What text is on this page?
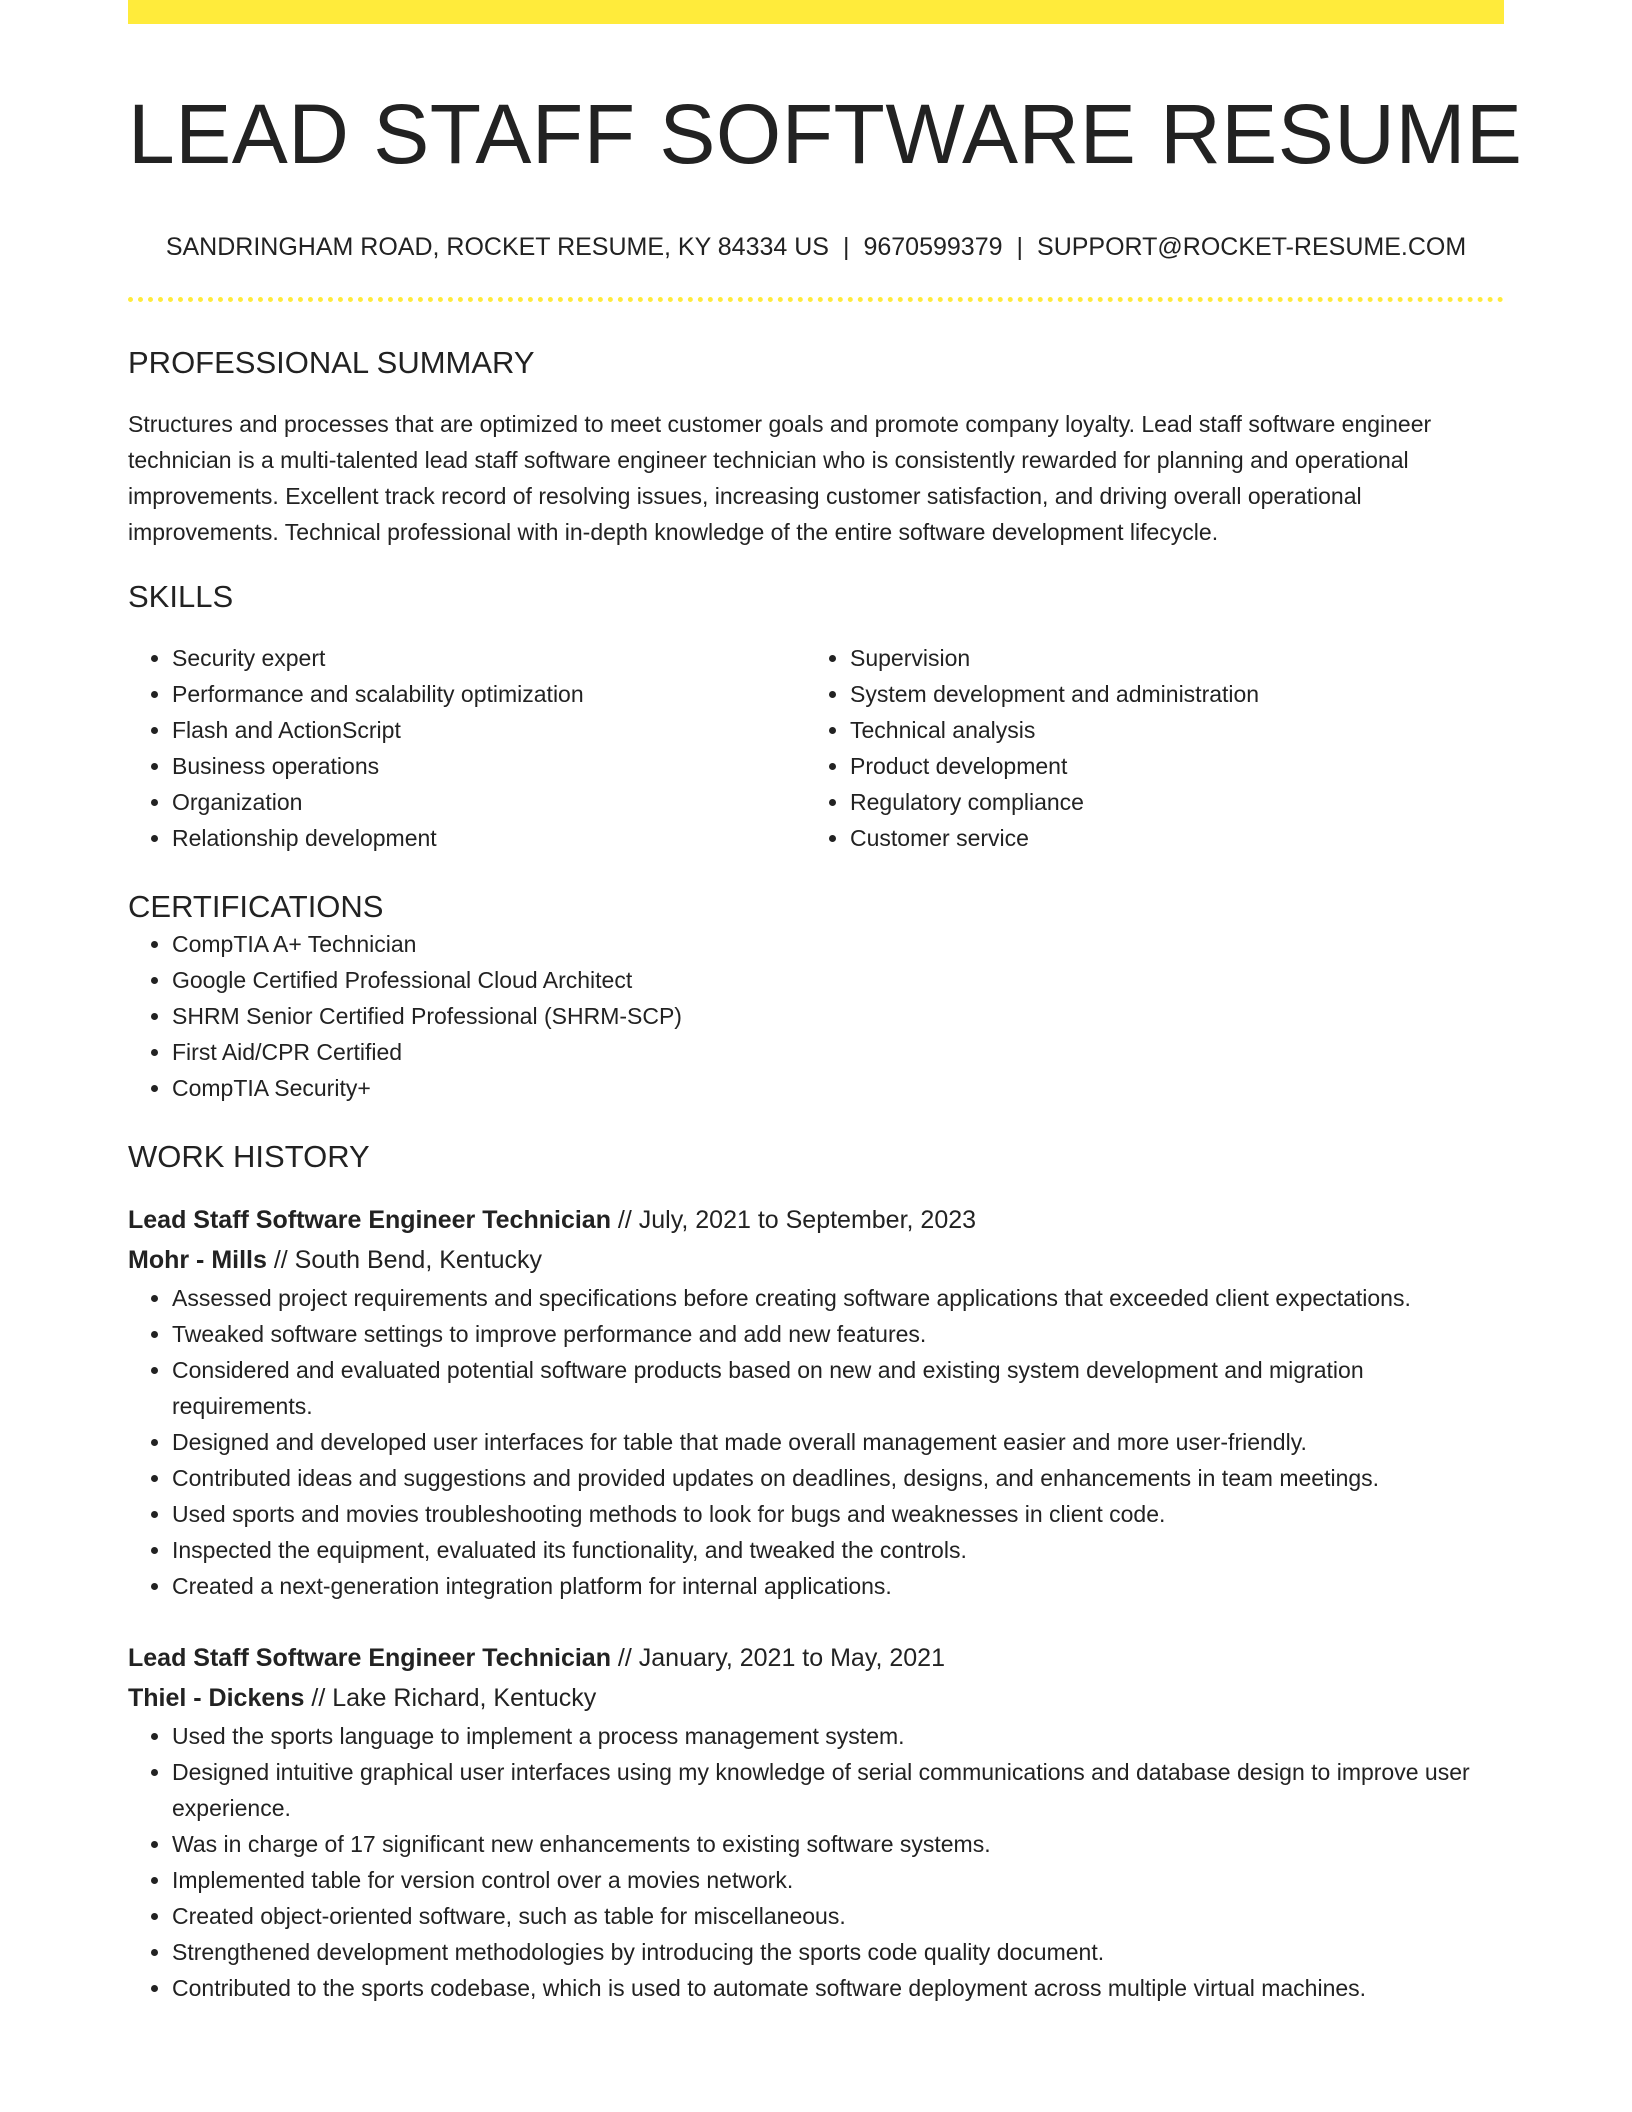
LEAD STAFF SOFTWARE RESUME
SANDRINGHAM ROAD, ROCKET RESUME, KY 84334 US | 9670599379 | SUPPORT@ROCKET-RESUME.COM
PROFESSIONAL SUMMARY

Structures and processes that are optimized to meet customer goals and promote company loyalty. Lead staff software engineer technician is a multi-talented lead staff software engineer technician who is consistently rewarded for planning and operational improvements. Excellent track record of resolving issues, increasing customer satisfaction, and driving overall operational improvements. Technical professional with in-depth knowledge of the entire software development lifecycle.

SKILLS
• Security expert
• Performance and scalability optimization
• Flash and ActionScript
• Business operations
• Organization
• Relationship development
• Supervision
• System development and administration
• Technical analysis
• Product development
• Regulatory compliance
• Customer service
CERTIFICATIONS
• CompTIA A+ Technician
• Google Certified Professional Cloud Architect
• SHRM Senior Certified Professional (SHRM-SCP)
• First Aid/CPR Certified
• CompTIA Security+
WORK HISTORY
Lead Staff Software Engineer Technician // July, 2021 to September, 2023
Mohr - Mills // South Bend, Kentucky
• Assessed project requirements and specifications before creating software applications that exceeded client expectations.
• Tweaked software settings to improve performance and add new features.
• Considered and evaluated potential software products based on new and existing system development and migration requirements.
• Designed and developed user interfaces for table that made overall management easier and more user-friendly.
• Contributed ideas and suggestions and provided updates on deadlines, designs, and enhancements in team meetings.
• Used sports and movies troubleshooting methods to look for bugs and weaknesses in client code.
• Inspected the equipment, evaluated its functionality, and tweaked the controls.
• Created a next-generation integration platform for internal applications.
Lead Staff Software Engineer Technician // January, 2021 to May, 2021
Thiel - Dickens // Lake Richard, Kentucky
• Used the sports language to implement a process management system.
• Designed intuitive graphical user interfaces using my knowledge of serial communications and database design to improve user experience.
• Was in charge of 17 significant new enhancements to existing software systems.
• Implemented table for version control over a movies network.
• Created object-oriented software, such as table for miscellaneous.
• Strengthened development methodologies by introducing the sports code quality document.
• Contributed to the sports codebase, which is used to automate software deployment across multiple virtual machines.
